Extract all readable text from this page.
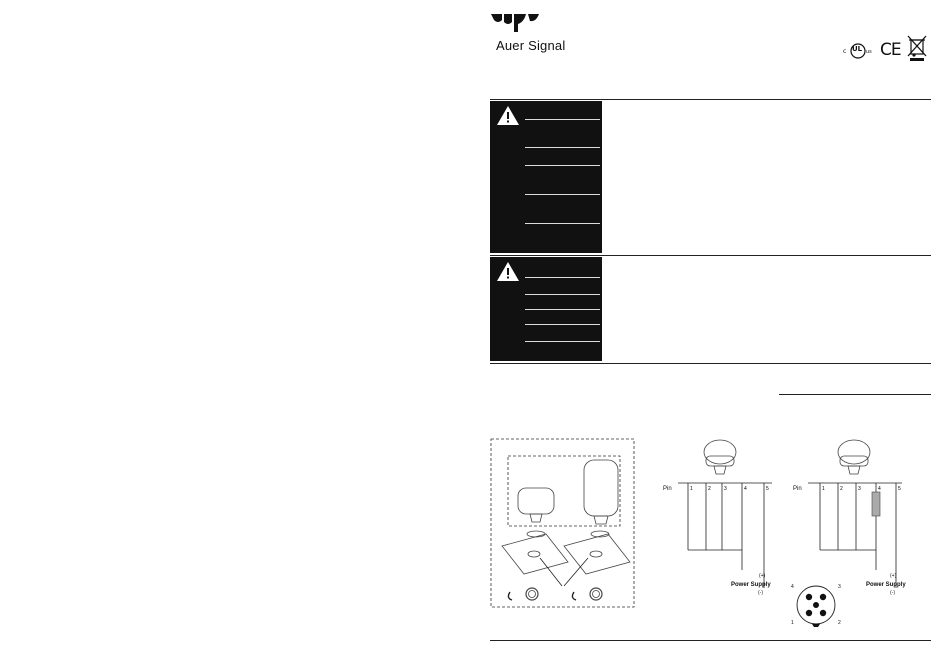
Auer Signal	c UL us CE
1	2	3	4	5
Pin
Power Supply
(+)
(-)
1	2	3	4	5
Pin
Power Supply
(+)
(-)
1	2
3
4
5
